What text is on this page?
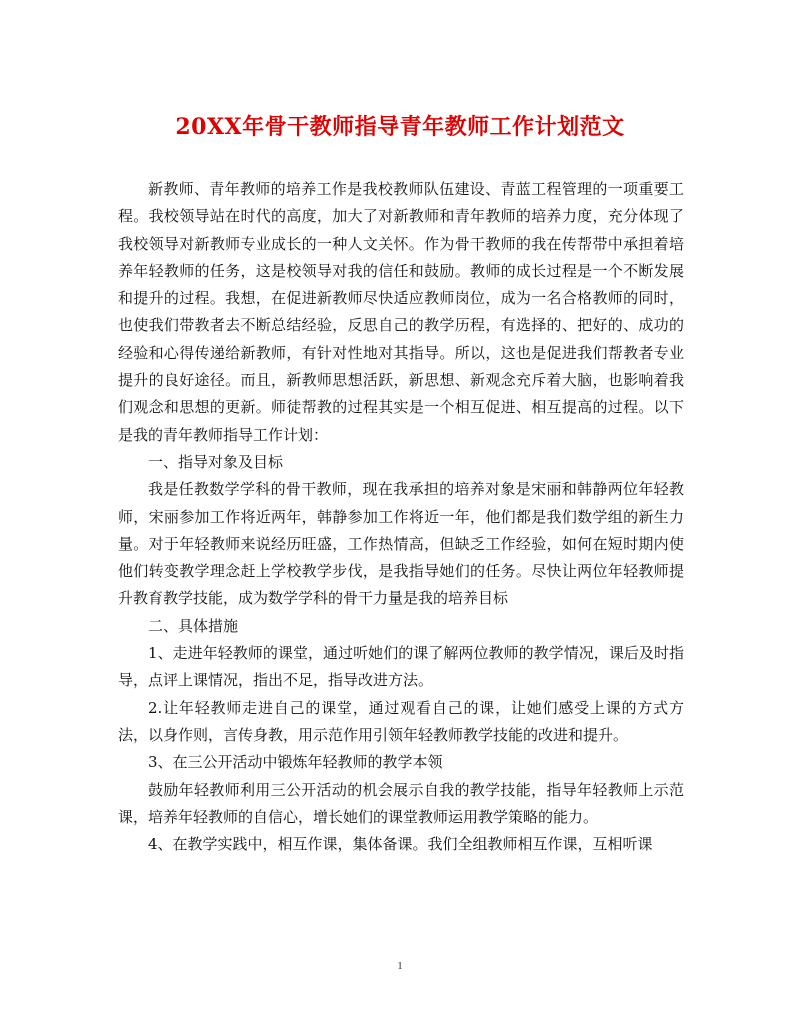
20XX年骨干教师指导青年教师工作计划范文

新教师、青年教师的培养工作是我校教师队伍建设、青蓝工程管理的一项重要工程。我校领导站在时代的高度，加大了对新教师和青年教师的培养力度，充分体现了我校领导对新教师专业成长的一种人文关怀。作为骨干教师的我在传帮带中承担着培养年轻教师的任务，这是校领导对我的信任和鼓励。教师的成长过程是一个不断发展和提升的过程。我想，在促进新教师尽快适应教师岗位，成为一名合格教师的同时，也使我们带教者去不断总结经验，反思自己的教学历程，有选择的、把好的、成功的经验和心得传递给新教师，有针对性地对其指导。所以，这也是促进我们帮教者专业提升的良好途径。而且，新教师思想活跃，新思想、新观念充斥着大脑，也影响着我们观念和思想的更新。师徒帮教的过程其实是一个相互促进、相互提高的过程。以下是我的青年教师指导工作计划：

一、指导对象及目标

我是任教数学学科的骨干教师，现在我承担的培养对象是宋丽和韩静两位年轻教师，宋丽参加工作将近两年，韩静参加工作将近一年，他们都是我们数学组的新生力量。对于年轻教师来说经历旺盛，工作热情高，但缺乏工作经验，如何在短时期内使他们转变教学理念赶上学校教学步伐，是我指导她们的任务。尽快让两位年轻教师提升教育教学技能，成为数学学科的骨干力量是我的培养目标

二、具体措施

1、走进年轻教师的课堂，通过听她们的课了解两位教师的教学情况，课后及时指导，点评上课情况，指出不足，指导改进方法。

2.让年轻教师走进自己的课堂，通过观看自己的课，让她们感受上课的方式方法，以身作则，言传身教，用示范作用引领年轻教师教学技能的改进和提升。

3、在三公开活动中锻炼年轻教师的教学本领

鼓励年轻教师利用三公开活动的机会展示自我的教学技能，指导年轻教师上示范课，培养年轻教师的自信心，增长她们的课堂教师运用教学策略的能力。

4、在教学实践中，相互作课，集体备课。我们全组教师相互作课，互相听课

1
